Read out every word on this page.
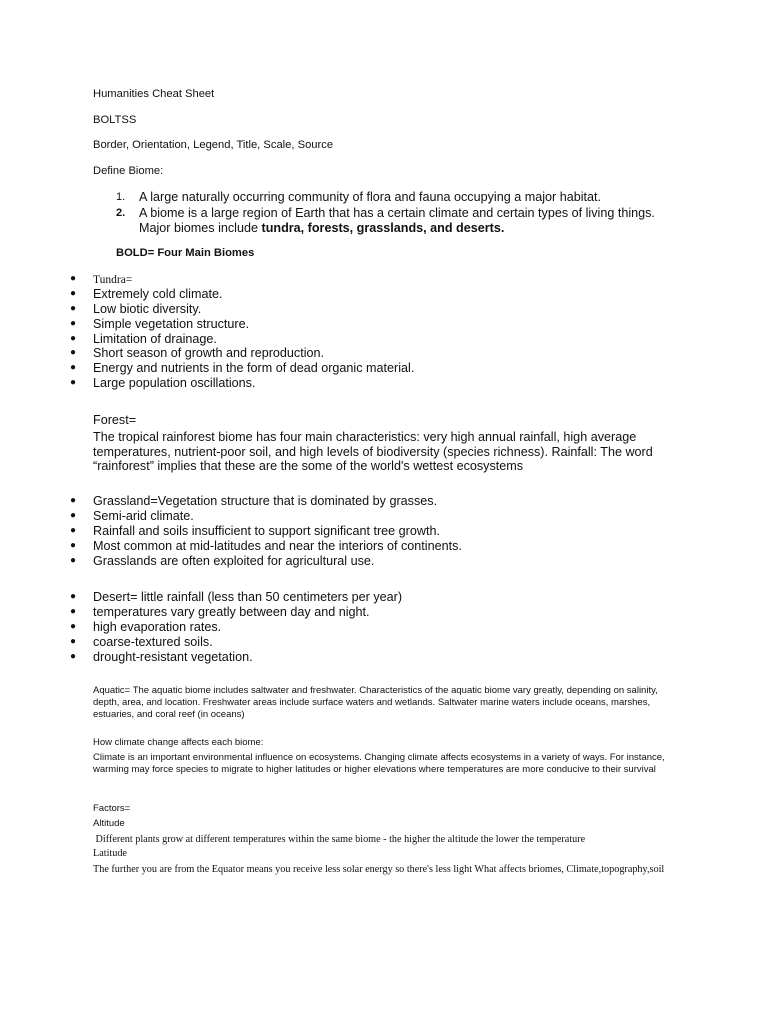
Humanities Cheat Sheet
BOLTSS
Border, Orientation, Legend, Title, Scale, Source
Define Biome:
1. A large naturally occurring community of flora and fauna occupying a major habitat.
2. A biome is a large region of Earth that has a certain climate and certain types of living things.
Major biomes include tundra, forests, grasslands, and deserts.
BOLD= Four Main Biomes
● Tundra=
● Extremely cold climate.
● Low biotic diversity.
● Simple vegetation structure.
● Limitation of drainage.
● Short season of growth and reproduction.
● Energy and nutrients in the form of dead organic material.
● Large population oscillations.
Forest=
The tropical rainforest biome has four main characteristics: very high annual rainfall, high average temperatures, nutrient-poor soil, and high levels of biodiversity (species richness). Rainfall: The word “rainforest” implies that these are the some of the world's wettest ecosystems
● Grassland=Vegetation structure that is dominated by grasses.
● Semi-arid climate.
● Rainfall and soils insufficient to support significant tree growth.
● Most common at mid-latitudes and near the interiors of continents.
● Grasslands are often exploited for agricultural use.
● Desert= little rainfall (less than 50 centimeters per year)
● temperatures vary greatly between day and night.
● high evaporation rates.
● coarse-textured soils.
● drought-resistant vegetation.
Aquatic= The aquatic biome includes saltwater and freshwater. Characteristics of the aquatic biome vary greatly, depending on salinity, depth, area, and location. Freshwater areas include surface waters and wetlands. Saltwater marine waters include oceans, marshes, estuaries, and coral reef (in oceans)
How climate change affects each biome:
Climate is an important environmental influence on ecosystems. Changing climate affects ecosystems in a variety of ways. For instance, warming may force species to migrate to higher latitudes or higher elevations where temperatures are more conducive to their survival
Factors=
Altitude
Different plants grow at different temperatures within the same biome - the higher the altitude the lower the temperature
Latitude
The further you are from the Equator means you receive less solar energy so there's less light What affects briomes, Climate,topography,soil
